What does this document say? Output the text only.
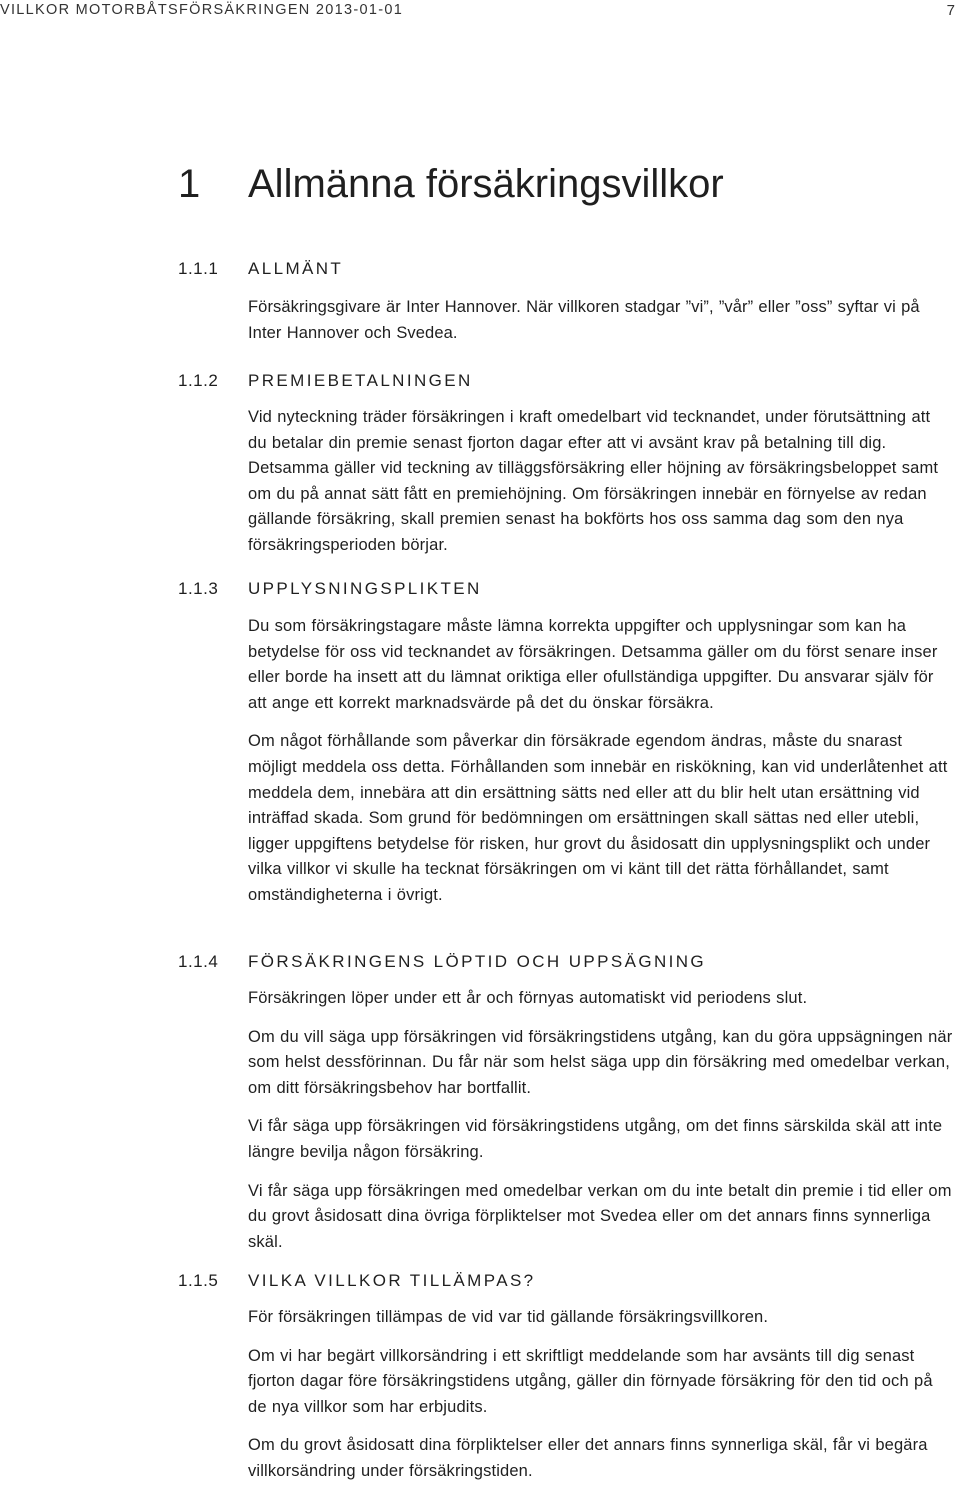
VILLKOR MOTORBÅTSFÖRSÄKRINGEN 2013-01-01	7
1 Allmänna försäkringsvillkor
1.1.1	ALLMÄNT

Försäkringsgivare är Inter Hannover. När villkoren stadgar ”vi”, ”vår” eller ”oss” syftar vi på Inter Hannover och Svedea.

1.1.2	PREMIEBETALNINGEN

Vid nyteckning träder försäkringen i kraft omedelbart vid tecknandet, under förutsättning att du betalar din premie senast fjorton dagar efter att vi avsänt krav på betalning till dig. Detsamma gäller vid teckning av tilläggsförsäkring eller höjning av försäkringsbeloppet samt om du på annat sätt fått en premiehöjning. Om försäkringen innebär en förnyelse av redan gällande försäkring, skall premien senast ha bokförts hos oss samma dag som den nya försäkringsperioden börjar.

1.1.3	UPPLYSNINGSPLIKTEN

Du som försäkringstagare måste lämna korrekta uppgifter och upplysningar som kan ha betydelse för oss vid tecknandet av försäkringen. Detsamma gäller om du först senare inser eller borde ha insett att du lämnat oriktiga eller ofullständiga uppgifter. Du ansvarar själv för att ange ett korrekt marknadsvärde på det du önskar försäkra.

Om något förhållande som påverkar din försäkrade egendom ändras, måste du snarast möjligt meddela oss detta. Förhållanden som innebär en riskökning, kan vid underlåtenhet att meddela dem, innebära att din ersättning sätts ned eller att du blir helt utan ersättning vid inträffad skada. Som grund för bedömningen om ersättningen skall sättas ned eller utebli, ligger uppgiftens betydelse för risken, hur grovt du åsidosatt din upplysningsplikt och under vilka villkor vi skulle ha tecknat försäkringen om vi känt till det rätta förhållandet, samt omständigheterna i övrigt.

1.1.4	FÖRSÄKRINGENS LÖPTID OCH UPPSÄGNING

Försäkringen löper under ett år och förnyas automatiskt vid periodens slut.

Om du vill säga upp försäkringen vid försäkringstidens utgång, kan du göra uppsägningen när som helst dessförinnan. Du får när som helst säga upp din försäkring med omedelbar verkan, om ditt försäkringsbehov har bortfallit.

Vi får säga upp försäkringen vid försäkringstidens utgång, om det finns särskilda skäl att inte längre bevilja någon försäkring.

Vi får säga upp försäkringen med omedelbar verkan om du inte betalt din premie i tid eller om du grovt åsidosatt dina övriga förpliktelser mot Svedea eller om det annars finns synnerliga skäl.

1.1.5	VILKA VILLKOR TILLÄMPAS?

För försäkringen tillämpas de vid var tid gällande försäkringsvillkoren.

Om vi har begärt villkorsändring i ett skriftligt meddelande som har avsänts till dig senast fjorton dagar före försäkringstidens utgång, gäller din förnyade försäkring för den tid och på de nya villkor som har erbjudits.

Om du grovt åsidosatt dina förpliktelser eller det annars finns synnerliga skäl, får vi begära villkorsändring under försäkringstiden.
